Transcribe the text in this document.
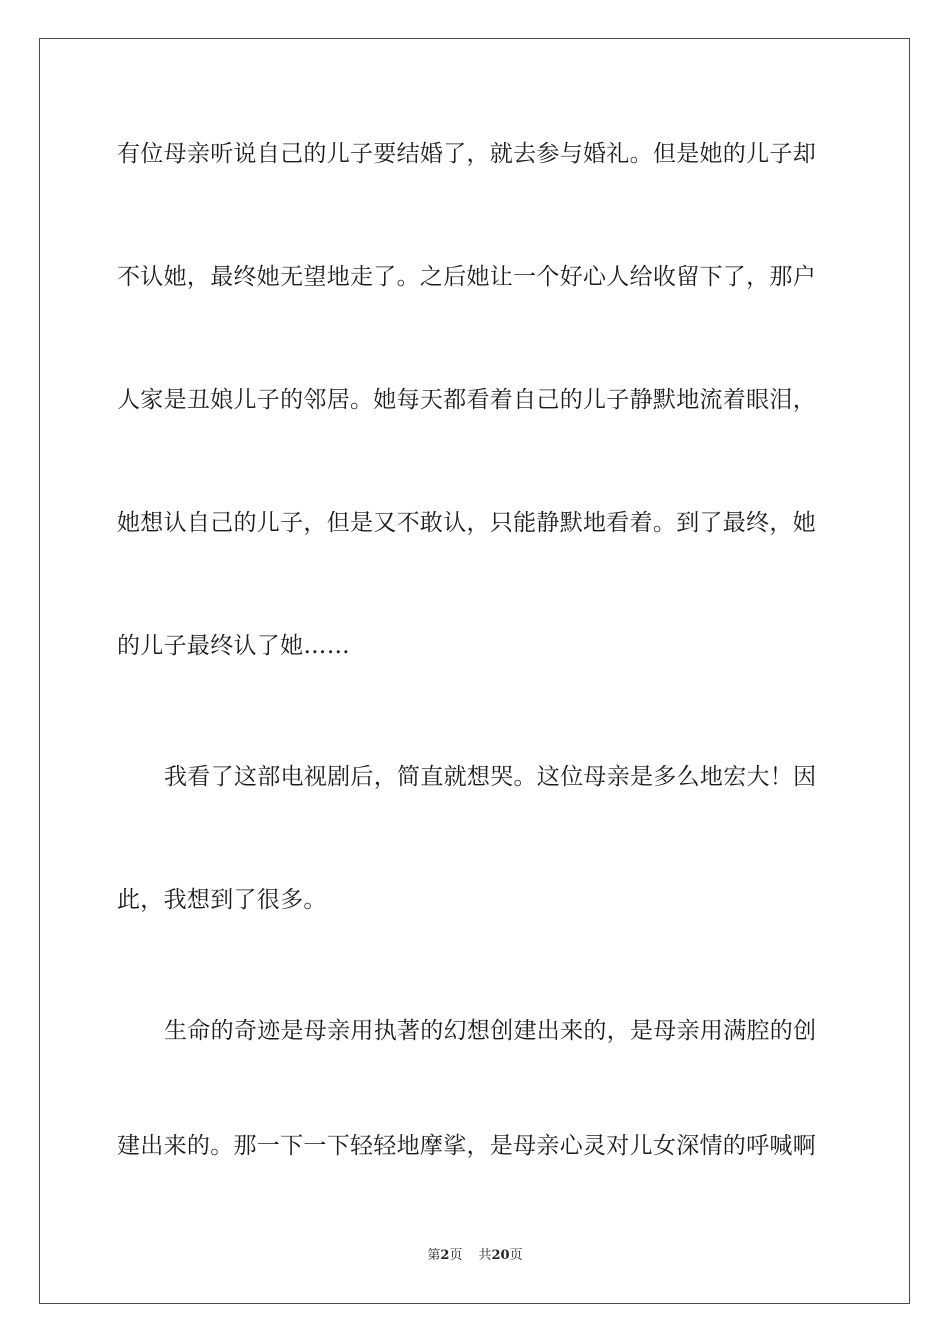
有位母亲听说自己的儿子要结婚了，就去参与婚礼。但是她的儿子却
不认她，最终她无望地走了。之后她让一个好心人给收留下了，那户
人家是丑娘儿子的邻居。她每天都看着自己的儿子静默地流着眼泪，
她想认自己的儿子，但是又不敢认，只能静默地看着。到了最终，她
的儿子最终认了她……
我看了这部电视剧后，简直就想哭。这位母亲是多么地宏大！因
此，我想到了很多。
生命的奇迹是母亲用执著的幻想创建出来的，是母亲用满腔的创
建出来的。那一下一下轻轻地摩挲，是母亲心灵对儿女深情的呼喊啊
第2页 共20页
